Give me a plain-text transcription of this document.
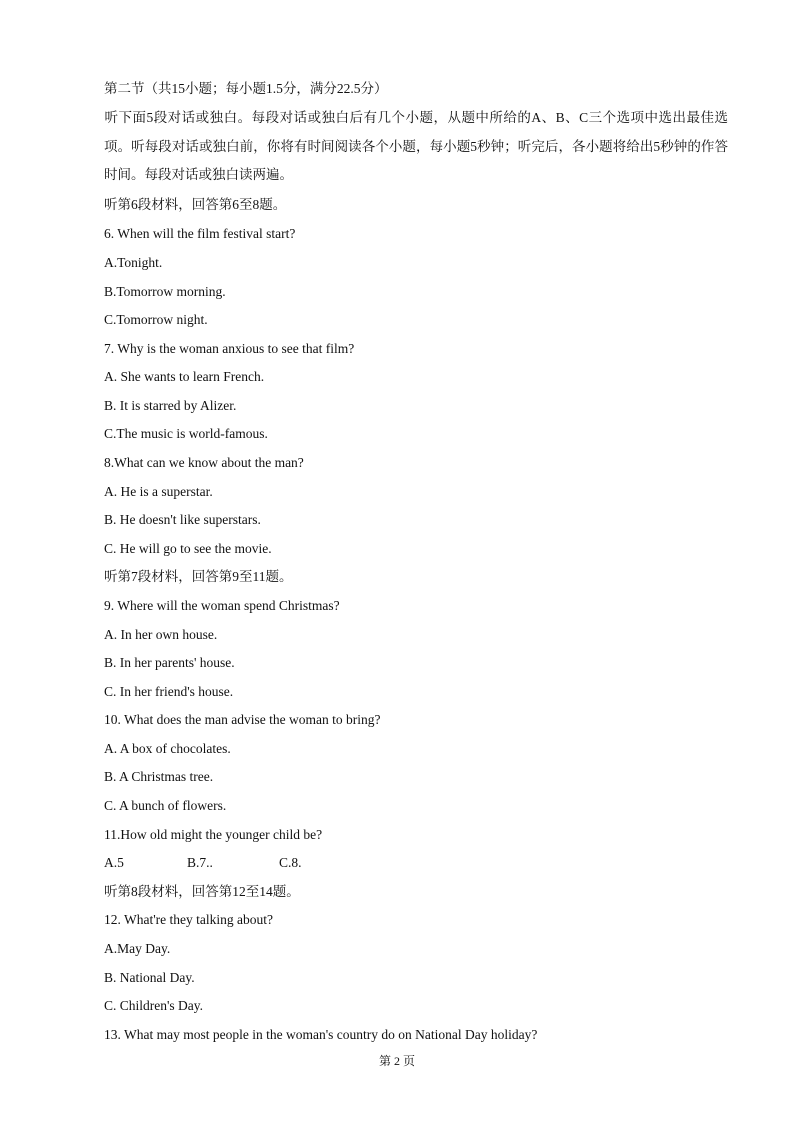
第二节（共15小题；每小题1.5分，满分22.5分）
听下面5段对话或独白。每段对话或独白后有几个小题，从题中所给的A、B、C三个选项中选出最佳选项。听每段对话或独白前，你将有时间阅读各个小题，每小题5秒钟；听完后，各小题将给出5秒钟的作答时间。每段对话或独白读两遍。
听第6段材料，回答第6至8题。
6. When will the film festival start?
A.Tonight.
B.Tomorrow morning.
C.Tomorrow night.
7. Why is the woman anxious to see that film?
A. She wants to learn French.
B. It is starred by Alizer.
C.The music is world-famous.
8.What can we know about the man?
A. He is a superstar.
B. He doesn't like superstars.
C. He will go to see the movie.
听第7段材料，回答第9至11题。
9. Where will the woman spend Christmas?
A. In her own house.
B. In her parents' house.
C. In her friend's house.
10. What does the man advise the woman to bring?
A. A box of chocolates.
B. A Christmas tree.
C. A bunch of flowers.
11.How old might the younger child be?
A.5	B.7..	C.8.
听第8段材料，回答第12至14题。
12. What're they talking about?
A.May Day.
B. National Day.
C. Children's Day.
13. What may most people in the woman's country do on National Day holiday?
第 2 页
